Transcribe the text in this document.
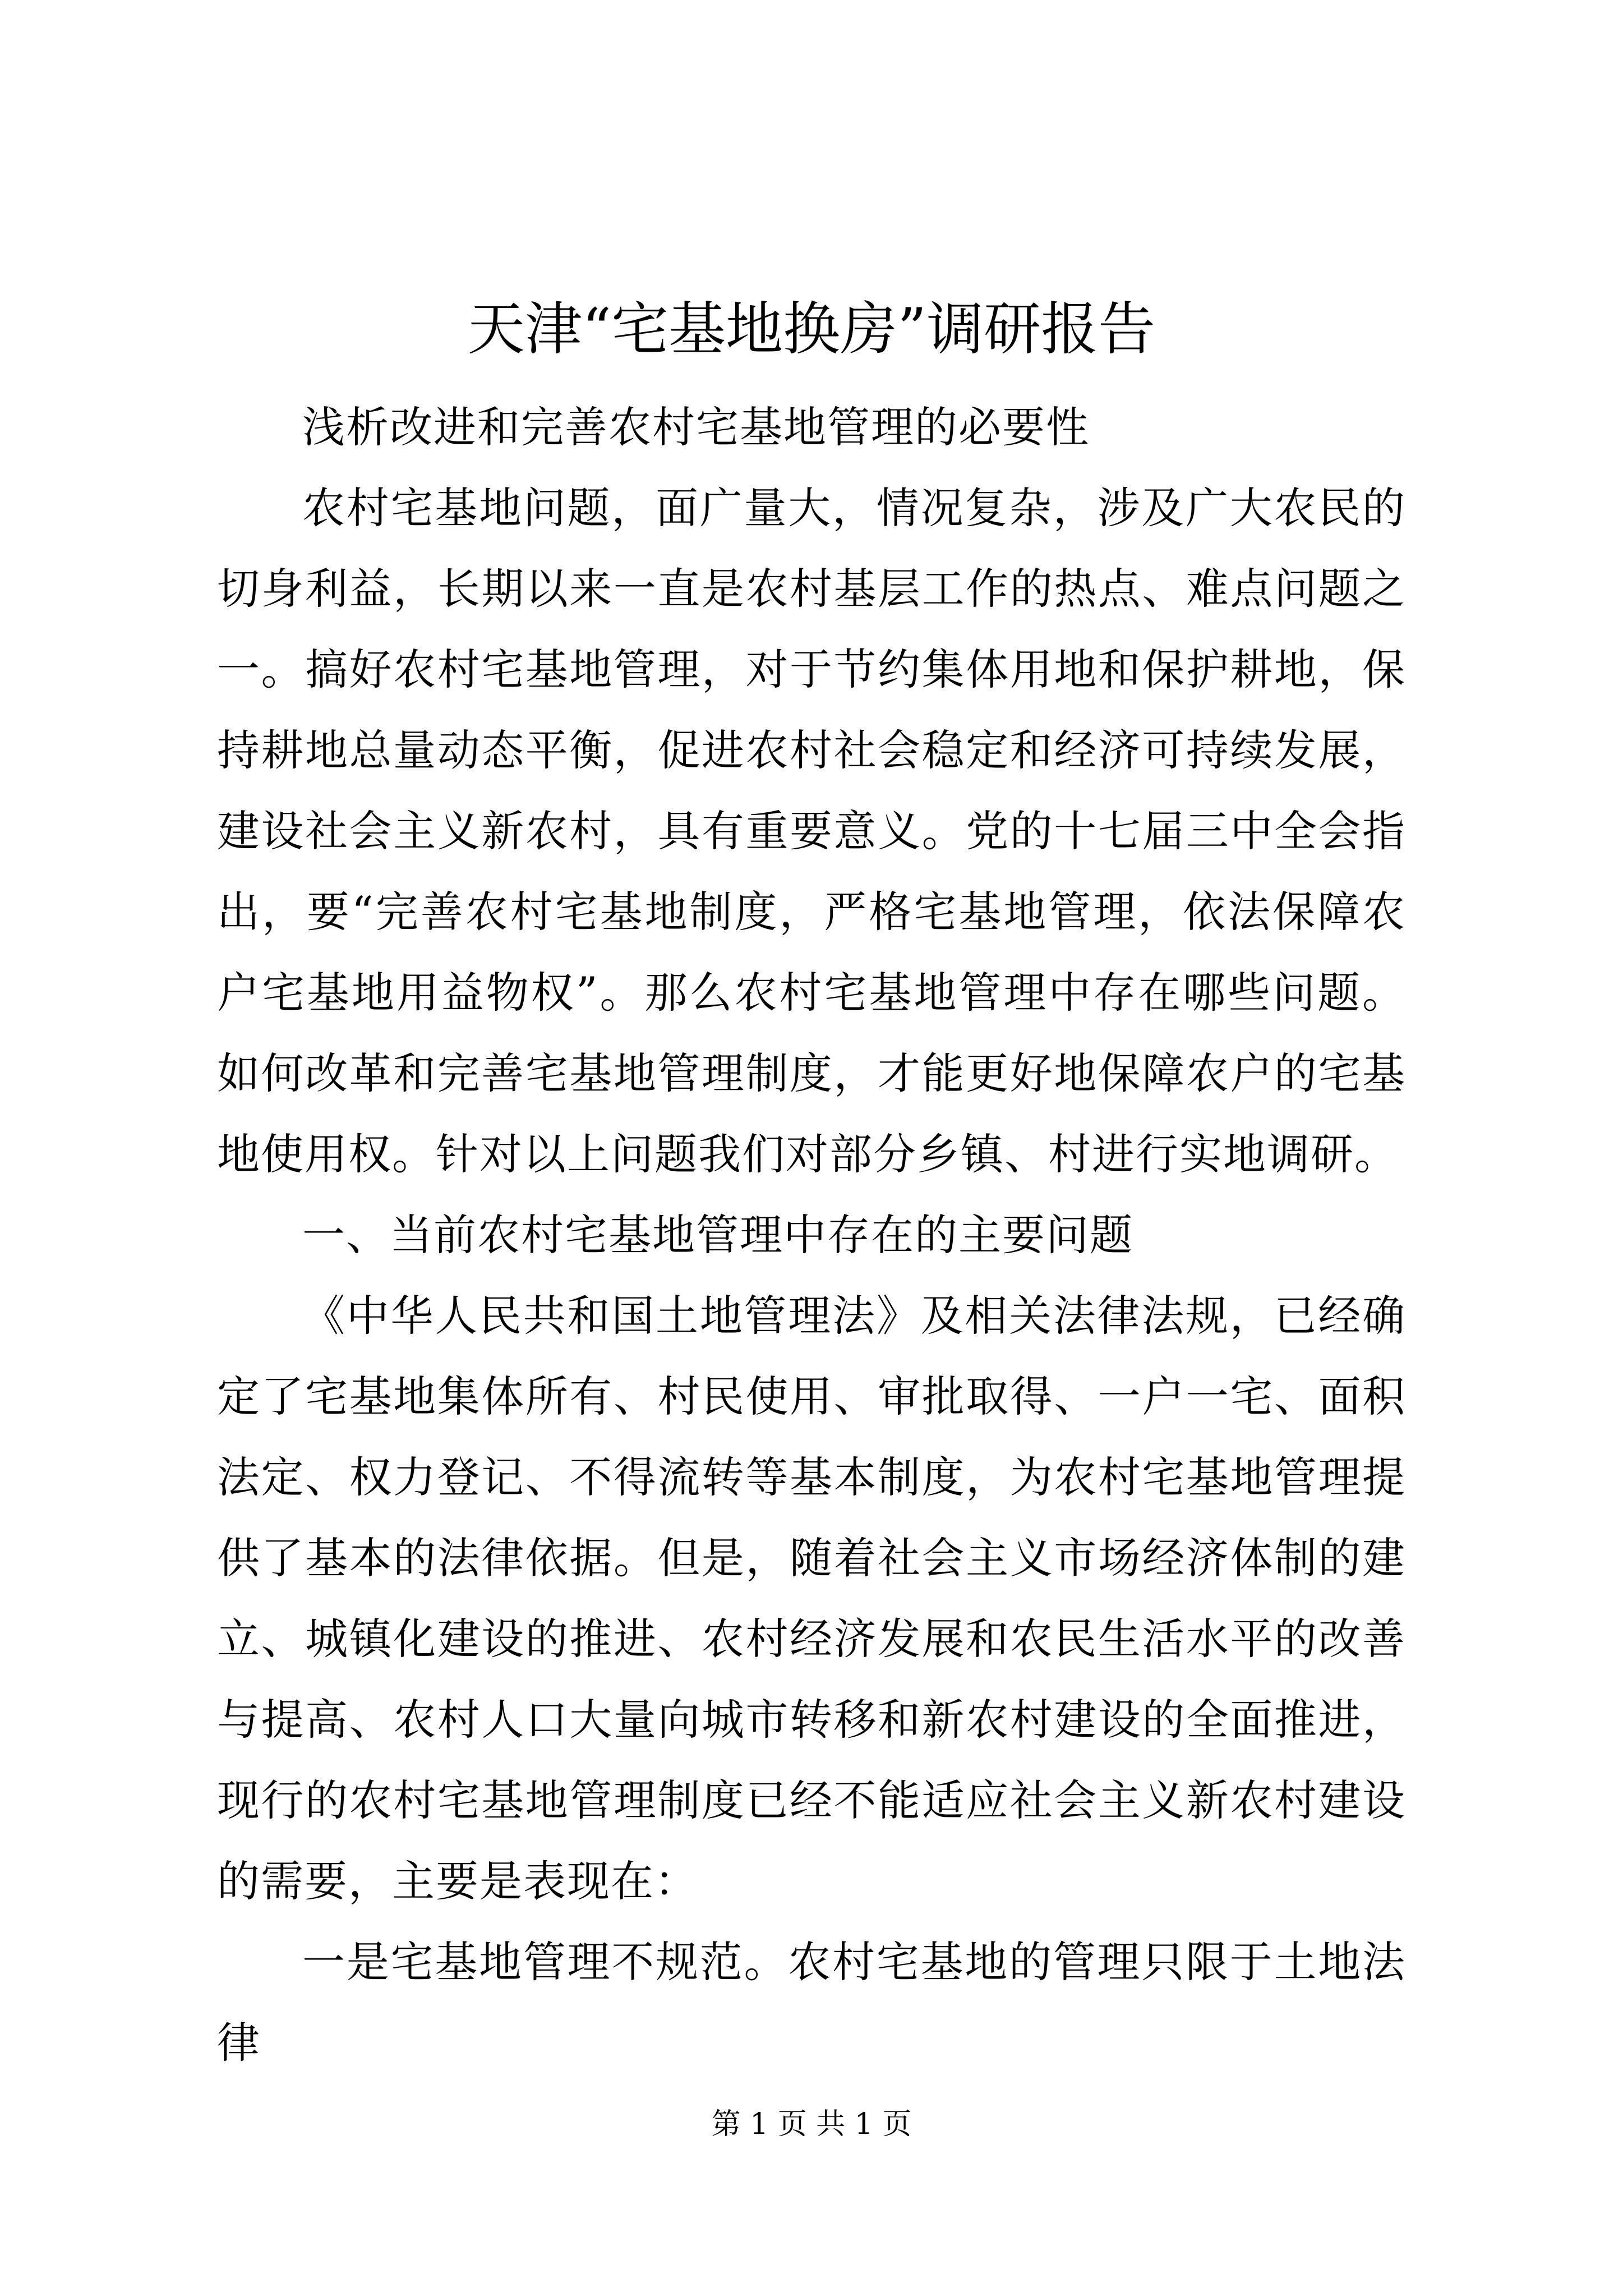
天津“宅基地换房”调研报告

浅析改进和完善农村宅基地管理的必要性

农村宅基地问题，面广量大，情况复杂，涉及广大农民的切身利益，长期以来一直是农村基层工作的热点、难点问题之一。搞好农村宅基地管理，对于节约集体用地和保护耕地，保持耕地总量动态平衡，促进农村社会稳定和经济可持续发展，建设社会主义新农村，具有重要意义。党的十七届三中全会指出，要“完善农村宅基地制度，严格宅基地管理，依法保障农户宅基地用益物权”。那么农村宅基地管理中存在哪些问题。如何改革和完善宅基地管理制度，才能更好地保障农户的宅基地使用权。针对以上问题我们对部分乡镇、村进行实地调研。

一、当前农村宅基地管理中存在的主要问题

《中华人民共和国土地管理法》及相关法律法规，已经确定了宅基地集体所有、村民使用、审批取得、一户一宅、面积法定、权力登记、不得流转等基本制度，为农村宅基地管理提供了基本的法律依据。但是，随着社会主义市场经济体制的建立、城镇化建设的推进、农村经济发展和农民生活水平的改善与提高、农村人口大量向城市转移和新农村建设的全面推进，现行的农村宅基地管理制度已经不能适应社会主义新农村建设的需要，主要是表现在：

一是宅基地管理不规范。农村宅基地的管理只限于土地法律

第 1 页 共 1 页
